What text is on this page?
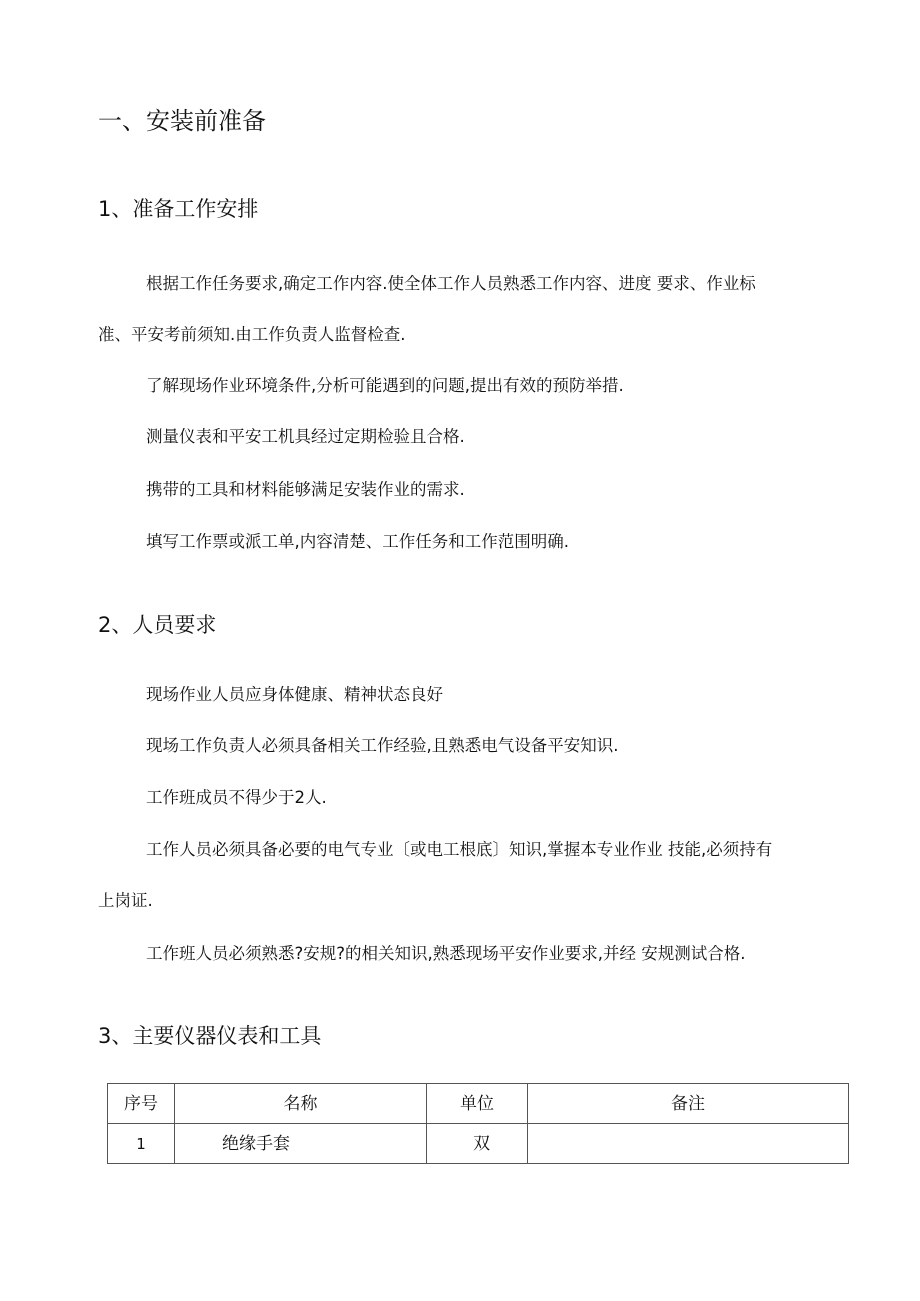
一、安装前准备
1、准备工作安排
根据工作任务要求,确定工作内容.使全体工作人员熟悉工作内容、进度 要求、作业标
准、平安考前须知.由工作负责人监督检查.
了解现场作业环境条件,分析可能遇到的问题,提出有效的预防举措.
测量仪表和平安工机具经过定期检验且合格.
携带的工具和材料能够满足安装作业的需求.
填写工作票或派工单,内容清楚、工作任务和工作范围明确.
2、人员要求
现场作业人员应身体健康、精神状态良好
现场工作负责人必须具备相关工作经验,且熟悉电气设备平安知识.
工作班成员不得少于2人.
工作人员必须具备必要的电气专业〔或电工根底〕知识,掌握本专业作业 技能,必须持有
上岗证.
工作班人员必须熟悉?安规?的相关知识,熟悉现场平安作业要求,并经 安规测试合格.
3、主要仪器仪表和工具
序号	名称	单位	备注
1	绝缘手套	双	
